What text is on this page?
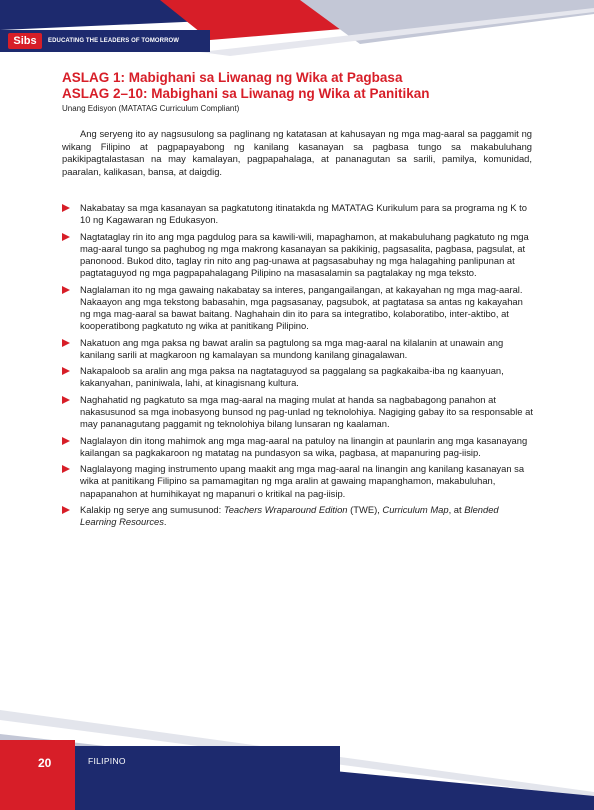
Sibs	EDUCATING THE LEADERS OF TOMORROW
ASLAG 1: Mabighani sa Liwanag ng Wika at Pagbasa
ASLAG 2–10: Mabighani sa Liwanag ng Wika at Panitikan
Unang Edisyon (MATATAG Curriculum Compliant)

Ang seryeng ito ay nagsusulong sa paglinang ng katatasan at kahusayan ng mga mag-aaral sa paggamit ng wikang Filipino at pagpapayabong ng kanilang kasanayan sa pagbasa tungo sa makabuluhang pakikipagtalastasan na may kamalayan, pagpapahalaga, at pananagutan sa sarili, pamilya, komunidad, paaralan, kalikasan, bansa, at daigdig.

Nakabatay sa mga kasanayan sa pagkatutong itinatakda ng MATATAG Kurikulum para sa programa ng K to 10 ng Kagawaran ng Edukasyon.
Nagtataglay rin ito ang mga pagdulog para sa kawili-wili, mapaghamon, at makabuluhang pagkatuto ng mga mag-aaral tungo sa paghubog ng mga makrong kasanayan sa pakikinig, pagsasalita, pagbasa, pagsulat, at panonood. Bukod dito, taglay rin nito ang pag-unawa at pagsasabuhay ng mga halagahing panlipunan at pagtataguyod ng mga pagpapahalagang Pilipino na masasalamin sa pagtalakay ng mga teksto.
Naglalaman ito ng mga gawaing nakabatay sa interes, pangangailangan, at kakayahan ng mga mag-aaral. Nakaayon ang mga tekstong babasahin, mga pagsasanay, pagsubok, at pagtatasa sa antas ng kakayahan ng mga mag-aaral sa bawat baitang. Naghahain din ito para sa integratibo, kolaboratibo, inter-aktibo, at kooperatibong pagkatuto ng wika at panitikang Pilipino.
Nakatuon ang mga paksa ng bawat aralin sa pagtulong sa mga mag-aaral na kilalanin at unawain ang kanilang sarili at magkaroon ng kamalayan sa mundong kanilang ginagalawan.
Nakapaloob sa aralin ang mga paksa na nagtataguyod sa paggalang sa pagkakaiba-iba ng kaanyuan, kakanyahan, paniniwala, lahi, at kinagisnang kultura.
Naghahatid ng pagkatuto sa mga mag-aaral na maging mulat at handa sa nagbabagong panahon at nakasusunod sa mga inobasyong bunsod ng pag-unlad ng teknolohiya. Nagiging gabay ito sa responsable at may pananagutang paggamit ng teknolohiya bilang lunsaran ng kaalaman.
Naglalayon din itong mahimok ang mga mag-aaral na patuloy na linangin at paunlarin ang mga kasanayang kailangan sa pagkakaroon ng matatag na pundasyon sa wika, pagbasa, at mapanuring pag-iisip.
Naglalayong maging instrumento upang maakit ang mga mag-aaral na linangin ang kanilang kasanayan sa wika at panitikang Filipino sa pamamagitan ng mga aralin at gawaing mapanghamon, makabuluhan, napapanahon at humihikayat ng mapanuri o kritikal na pag-iisip.
Kalakip ng serye ang sumusunod: Teachers Wraparound Edition (TWE), Curriculum Map, at Blended Learning Resources.
20	FILIPINO
